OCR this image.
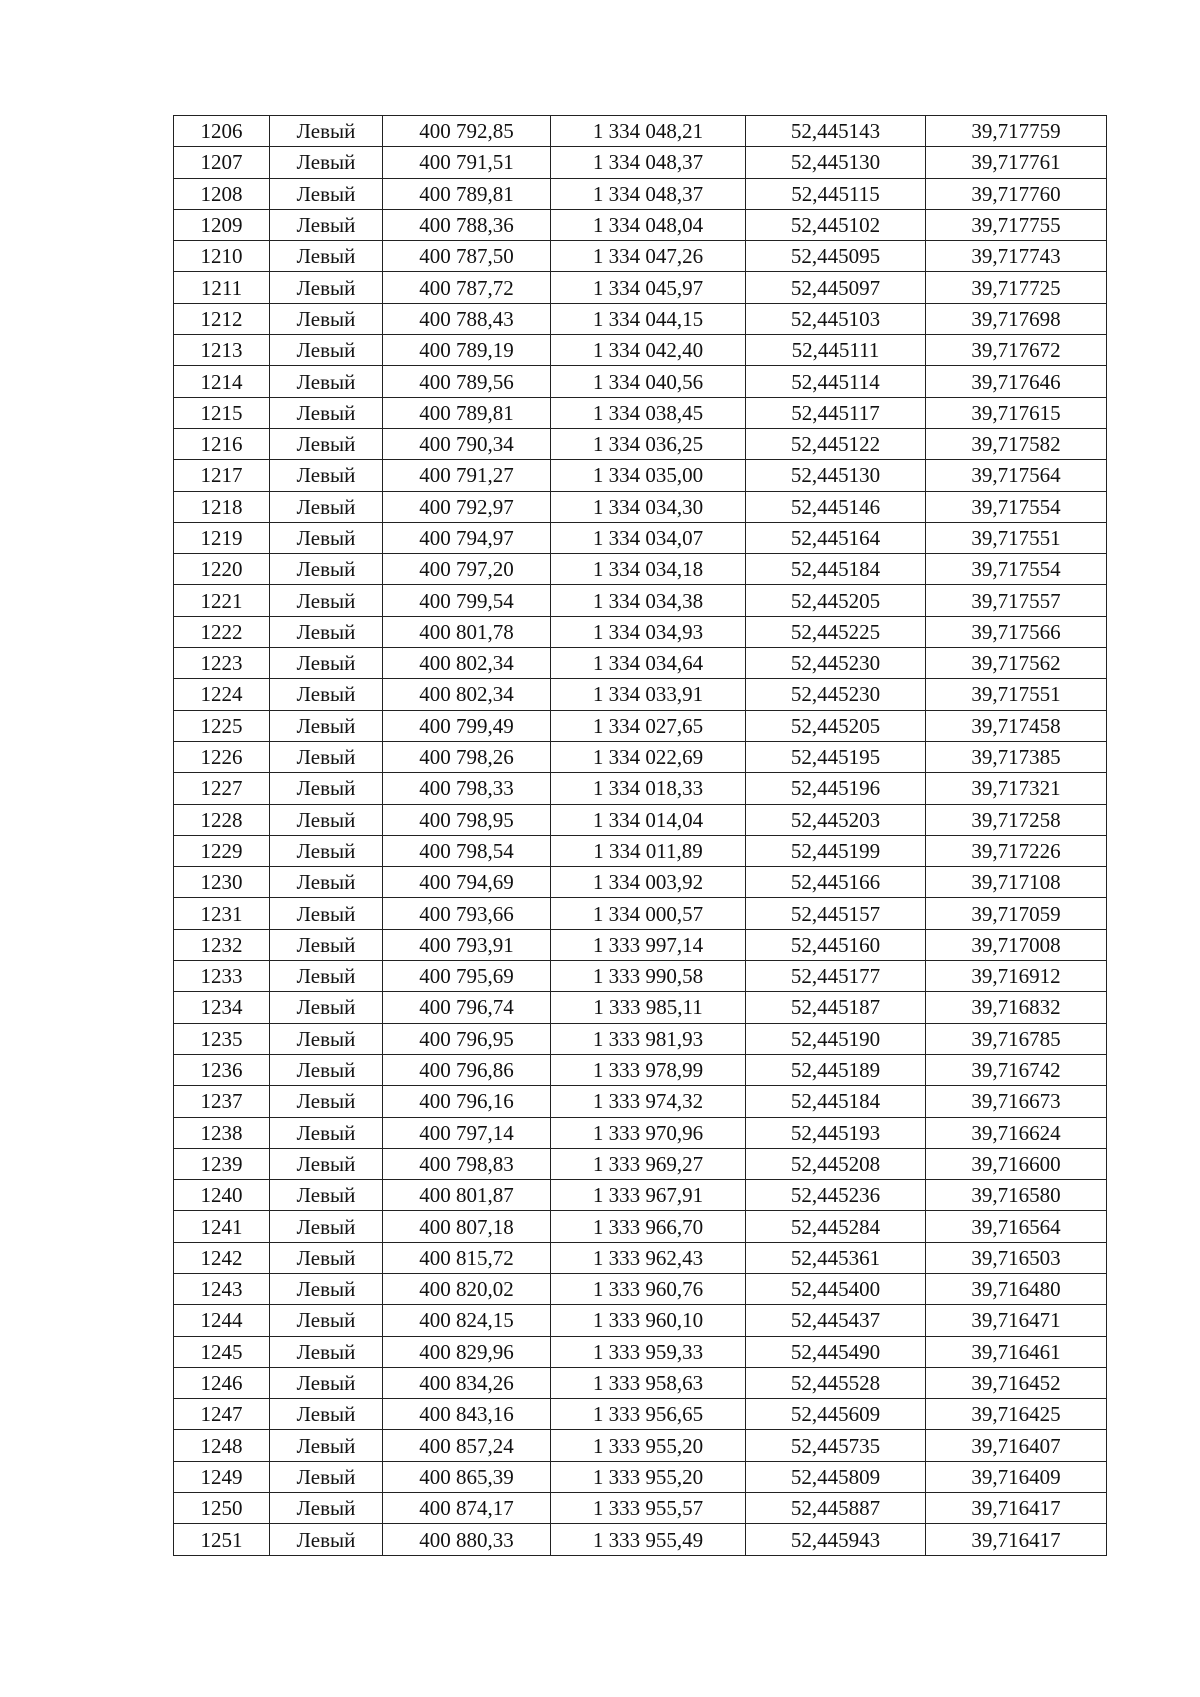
1206	Левый	400 792,85	1 334 048,21	52,445143	39,717759
1207	Левый	400 791,51	1 334 048,37	52,445130	39,717761
1208	Левый	400 789,81	1 334 048,37	52,445115	39,717760
1209	Левый	400 788,36	1 334 048,04	52,445102	39,717755
1210	Левый	400 787,50	1 334 047,26	52,445095	39,717743
1211	Левый	400 787,72	1 334 045,97	52,445097	39,717725
1212	Левый	400 788,43	1 334 044,15	52,445103	39,717698
1213	Левый	400 789,19	1 334 042,40	52,445111	39,717672
1214	Левый	400 789,56	1 334 040,56	52,445114	39,717646
1215	Левый	400 789,81	1 334 038,45	52,445117	39,717615
1216	Левый	400 790,34	1 334 036,25	52,445122	39,717582
1217	Левый	400 791,27	1 334 035,00	52,445130	39,717564
1218	Левый	400 792,97	1 334 034,30	52,445146	39,717554
1219	Левый	400 794,97	1 334 034,07	52,445164	39,717551
1220	Левый	400 797,20	1 334 034,18	52,445184	39,717554
1221	Левый	400 799,54	1 334 034,38	52,445205	39,717557
1222	Левый	400 801,78	1 334 034,93	52,445225	39,717566
1223	Левый	400 802,34	1 334 034,64	52,445230	39,717562
1224	Левый	400 802,34	1 334 033,91	52,445230	39,717551
1225	Левый	400 799,49	1 334 027,65	52,445205	39,717458
1226	Левый	400 798,26	1 334 022,69	52,445195	39,717385
1227	Левый	400 798,33	1 334 018,33	52,445196	39,717321
1228	Левый	400 798,95	1 334 014,04	52,445203	39,717258
1229	Левый	400 798,54	1 334 011,89	52,445199	39,717226
1230	Левый	400 794,69	1 334 003,92	52,445166	39,717108
1231	Левый	400 793,66	1 334 000,57	52,445157	39,717059
1232	Левый	400 793,91	1 333 997,14	52,445160	39,717008
1233	Левый	400 795,69	1 333 990,58	52,445177	39,716912
1234	Левый	400 796,74	1 333 985,11	52,445187	39,716832
1235	Левый	400 796,95	1 333 981,93	52,445190	39,716785
1236	Левый	400 796,86	1 333 978,99	52,445189	39,716742
1237	Левый	400 796,16	1 333 974,32	52,445184	39,716673
1238	Левый	400 797,14	1 333 970,96	52,445193	39,716624
1239	Левый	400 798,83	1 333 969,27	52,445208	39,716600
1240	Левый	400 801,87	1 333 967,91	52,445236	39,716580
1241	Левый	400 807,18	1 333 966,70	52,445284	39,716564
1242	Левый	400 815,72	1 333 962,43	52,445361	39,716503
1243	Левый	400 820,02	1 333 960,76	52,445400	39,716480
1244	Левый	400 824,15	1 333 960,10	52,445437	39,716471
1245	Левый	400 829,96	1 333 959,33	52,445490	39,716461
1246	Левый	400 834,26	1 333 958,63	52,445528	39,716452
1247	Левый	400 843,16	1 333 956,65	52,445609	39,716425
1248	Левый	400 857,24	1 333 955,20	52,445735	39,716407
1249	Левый	400 865,39	1 333 955,20	52,445809	39,716409
1250	Левый	400 874,17	1 333 955,57	52,445887	39,716417
1251	Левый	400 880,33	1 333 955,49	52,445943	39,716417
